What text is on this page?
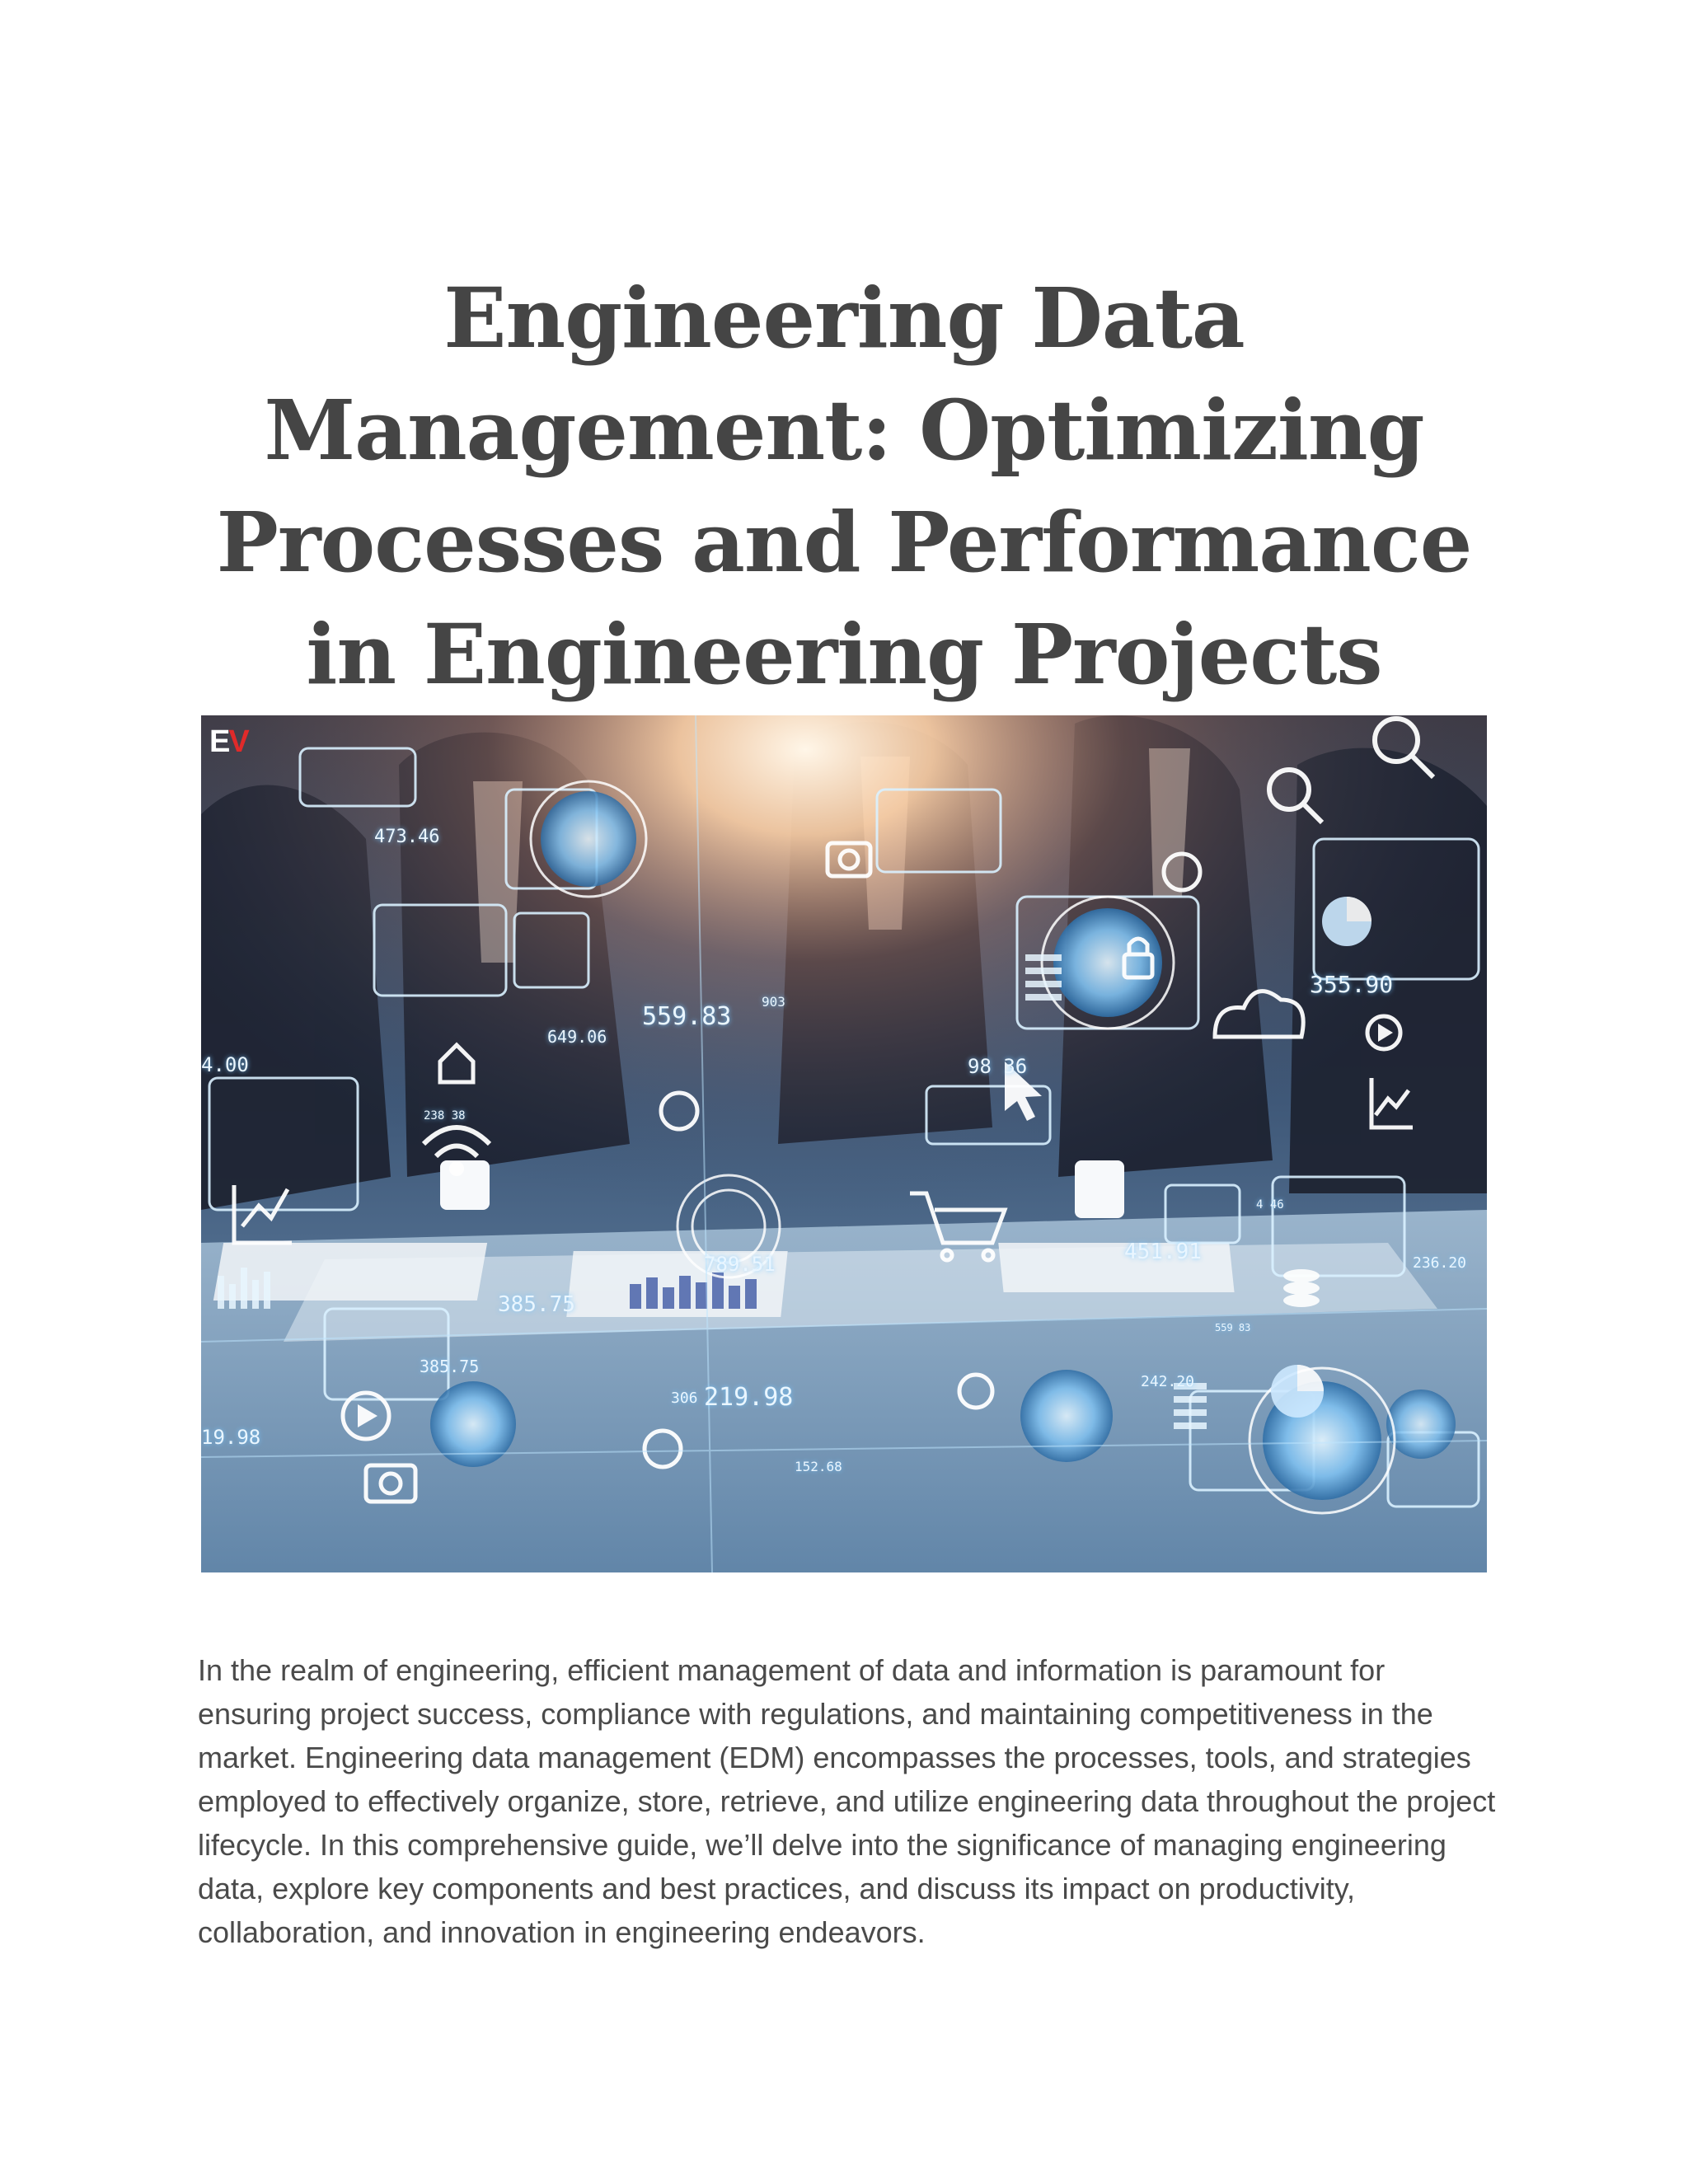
Engineering Data Management: Optimizing Processes and Performance in Engineering Projects
EV
473.46
559.83
649.06
903
355.90
4.00	98 36
238 38
789.51	451.91
385.75
385.75
306 219.98
19.98
152.68
242.20
236.20
4 46
559 83

In the realm of engineering, efficient management of data and information is paramount for ensuring project success, compliance with regulations, and maintaining competitiveness in the market. Engineering data management (EDM) encompasses the processes, tools, and strategies employed to effectively organize, store, retrieve, and utilize engineering data throughout the project lifecycle. In this comprehensive guide, we’ll delve into the significance of managing engineering data, explore key components and best practices, and discuss its impact on productivity, collaboration, and innovation in engineering endeavors.
